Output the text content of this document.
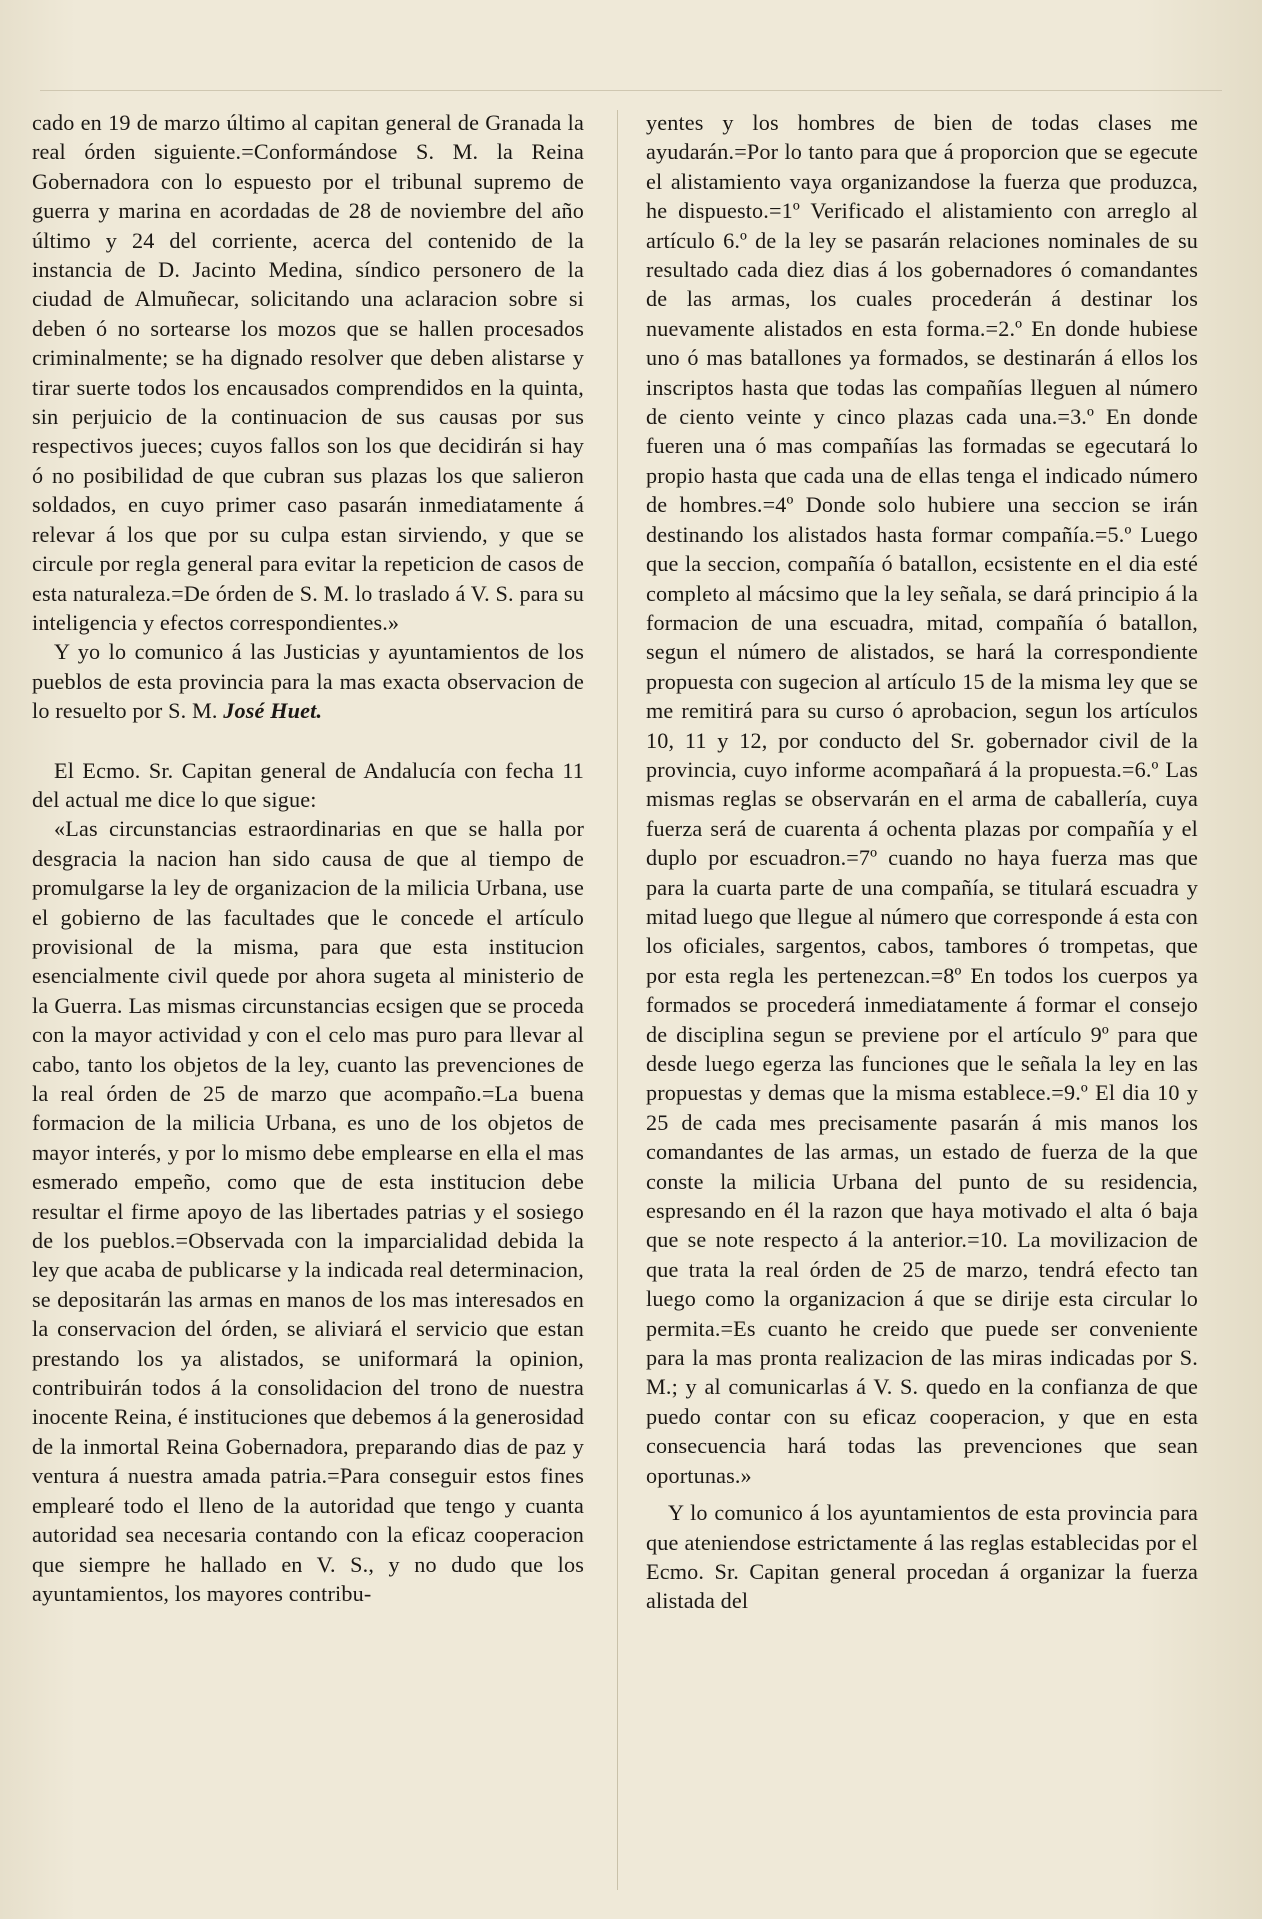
cado en 19 de marzo último al capitan general de Granada la real órden siguiente.=Conformándose S. M. la Reina Gobernadora con lo espuesto por el tribunal supremo de guerra y marina en acordadas de 28 de noviembre del año último y 24 del corriente, acerca del contenido de la instancia de D. Jacinto Medina, síndico personero de la ciudad de Almuñecar, solicitando una aclaracion sobre si deben ó no sortearse los mozos que se hallen procesados criminalmente; se ha dignado resolver que deben alistarse y tirar suerte todos los encausados comprendidos en la quinta, sin perjuicio de la continuacion de sus causas por sus respectivos jueces; cuyos fallos son los que decidirán si hay ó no posibilidad de que cubran sus plazas los que salieron soldados, en cuyo primer caso pasarán inmediatamente á relevar á los que por su culpa estan sirviendo, y que se circule por regla general para evitar la repeticion de casos de esta naturaleza.=De órden de S. M. lo traslado á V. S. para su inteligencia y efectos correspondientes.»

Y yo lo comunico á las Justicias y ayuntamientos de los pueblos de esta provincia para la mas exacta observacion de lo resuelto por S. M. José Huet.

El Ecmo. Sr. Capitan general de Andalucía con fecha 11 del actual me dice lo que sigue:

«Las circunstancias estraordinarias en que se halla por desgracia la nacion han sido causa de que al tiempo de promulgarse la ley de organizacion de la milicia Urbana, use el gobierno de las facultades que le concede el artículo provisional de la misma, para que esta institucion esencialmente civil quede por ahora sugeta al ministerio de la Guerra. Las mismas circunstancias ecsigen que se proceda con la mayor actividad y con el celo mas puro para llevar al cabo, tanto los objetos de la ley, cuanto las prevenciones de la real órden de 25 de marzo que acompaño.=La buena formacion de la milicia Urbana, es uno de los objetos de mayor interés, y por lo mismo debe emplearse en ella el mas esmerado empeño, como que de esta institucion debe resultar el firme apoyo de las libertades patrias y el sosiego de los pueblos.=Observada con la imparcialidad debida la ley que acaba de publicarse y la indicada real determinacion, se depositarán las armas en manos de los mas interesados en la conservacion del órden, se aliviará el servicio que estan prestando los ya alistados, se uniformará la opinion, contribuirán todos á la consolidacion del trono de nuestra inocente Reina, é instituciones que debemos á la generosidad de la inmortal Reina Gobernadora, preparando dias de paz y ventura á nuestra amada patria.=Para conseguir estos fines emplearé todo el lleno de la autoridad que tengo y cuanta autoridad sea necesaria contando con la eficaz cooperacion que siempre he hallado en V. S., y no dudo que los ayuntamientos, los mayores contribu-

yentes y los hombres de bien de todas clases me ayudarán.=Por lo tanto para que á proporcion que se egecute el alistamiento vaya organizandose la fuerza que produzca, he dispuesto.=1º Verificado el alistamiento con arreglo al artículo 6.º de la ley se pasarán relaciones nominales de su resultado cada diez dias á los gobernadores ó comandantes de las armas, los cuales procederán á destinar los nuevamente alistados en esta forma.=2.º En donde hubiese uno ó mas batallones ya formados, se destinarán á ellos los inscriptos hasta que todas las compañías lleguen al número de ciento veinte y cinco plazas cada una.=3.º En donde fueren una ó mas compañías las formadas se egecutará lo propio hasta que cada una de ellas tenga el indicado número de hombres.=4º Donde solo hubiere una seccion se irán destinando los alistados hasta formar compañía.=5.º Luego que la seccion, compañía ó batallon, ecsistente en el dia esté completo al mácsimo que la ley señala, se dará principio á la formacion de una escuadra, mitad, compañía ó batallon, segun el número de alistados, se hará la correspondiente propuesta con sugecion al artículo 15 de la misma ley que se me remitirá para su curso ó aprobacion, segun los artículos 10, 11 y 12, por conducto del Sr. gobernador civil de la provincia, cuyo informe acompañará á la propuesta.=6.º Las mismas reglas se observarán en el arma de caballería, cuya fuerza será de cuarenta á ochenta plazas por compañía y el duplo por escuadron.=7º cuando no haya fuerza mas que para la cuarta parte de una compañía, se titulará escuadra y mitad luego que llegue al número que corresponde á esta con los oficiales, sargentos, cabos, tambores ó trompetas, que por esta regla les pertenezcan.=8º En todos los cuerpos ya formados se procederá inmediatamente á formar el consejo de disciplina segun se previene por el artículo 9º para que desde luego egerza las funciones que le señala la ley en las propuestas y demas que la misma establece.=9.º El dia 10 y 25 de cada mes precisamente pasarán á mis manos los comandantes de las armas, un estado de fuerza de la que conste la milicia Urbana del punto de su residencia, espresando en él la razon que haya motivado el alta ó baja que se note respecto á la anterior.=10. La movilizacion de que trata la real órden de 25 de marzo, tendrá efecto tan luego como la organizacion á que se dirije esta circular lo permita.=Es cuanto he creido que puede ser conveniente para la mas pronta realizacion de las miras indicadas por S. M.; y al comunicarlas á V. S. quedo en la confianza de que puedo contar con su eficaz cooperacion, y que en esta consecuencia hará todas las prevenciones que sean oportunas.»

Y lo comunico á los ayuntamientos de esta provincia para que ateniendose estrictamente á las reglas establecidas por el Ecmo. Sr. Capitan general procedan á organizar la fuerza alistada del
